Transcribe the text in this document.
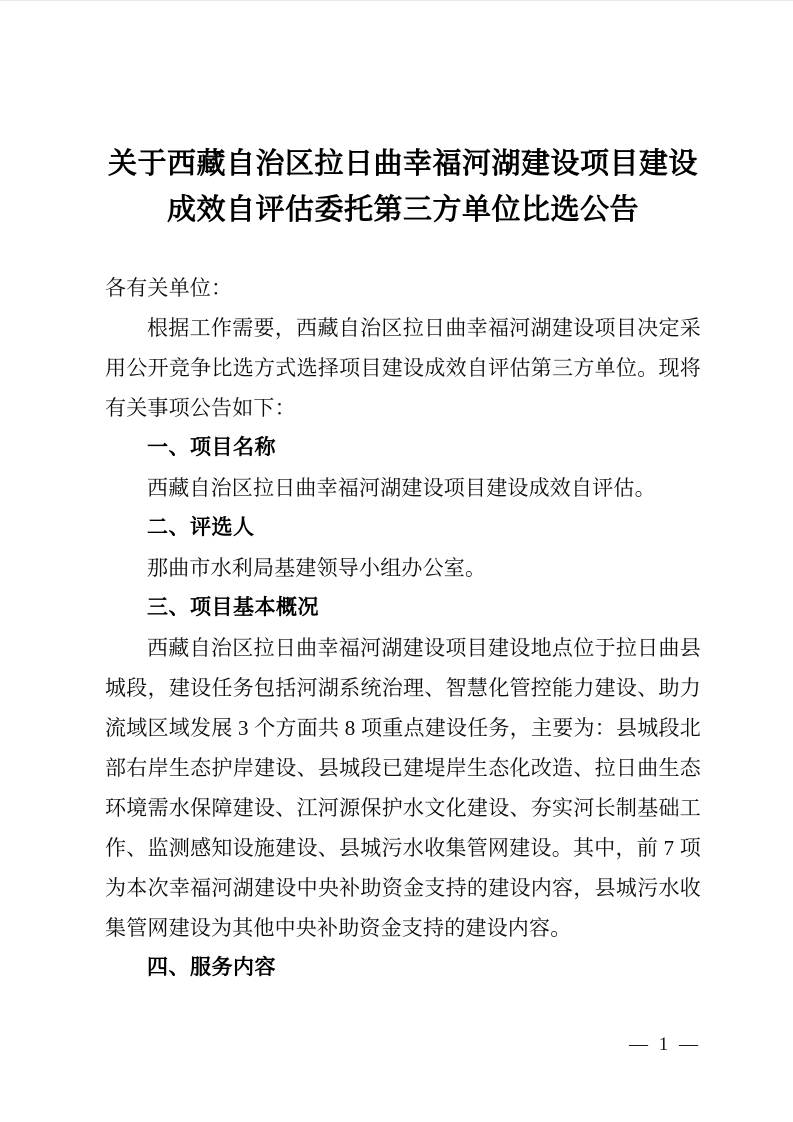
关于西藏自治区拉日曲幸福河湖建设项目建设
成效自评估委托第三方单位比选公告

各有关单位：

根据工作需要，西藏自治区拉日曲幸福河湖建设项目决定采用公开竞争比选方式选择项目建设成效自评估第三方单位。现将有关事项公告如下：

一、项目名称

西藏自治区拉日曲幸福河湖建设项目建设成效自评估。

二、评选人

那曲市水利局基建领导小组办公室。

三、项目基本概况

西藏自治区拉日曲幸福河湖建设项目建设地点位于拉日曲县城段，建设任务包括河湖系统治理、智慧化管控能力建设、助力流域区域发展 3 个方面共 8 项重点建设任务，主要为：县城段北部右岸生态护岸建设、县城段已建堤岸生态化改造、拉日曲生态环境需水保障建设、江河源保护水文化建设、夯实河长制基础工作、监测感知设施建设、县城污水收集管网建设。其中，前 7 项为本次幸福河湖建设中央补助资金支持的建设内容，县城污水收集管网建设为其他中央补助资金支持的建设内容。

四、服务内容
— 1 —
